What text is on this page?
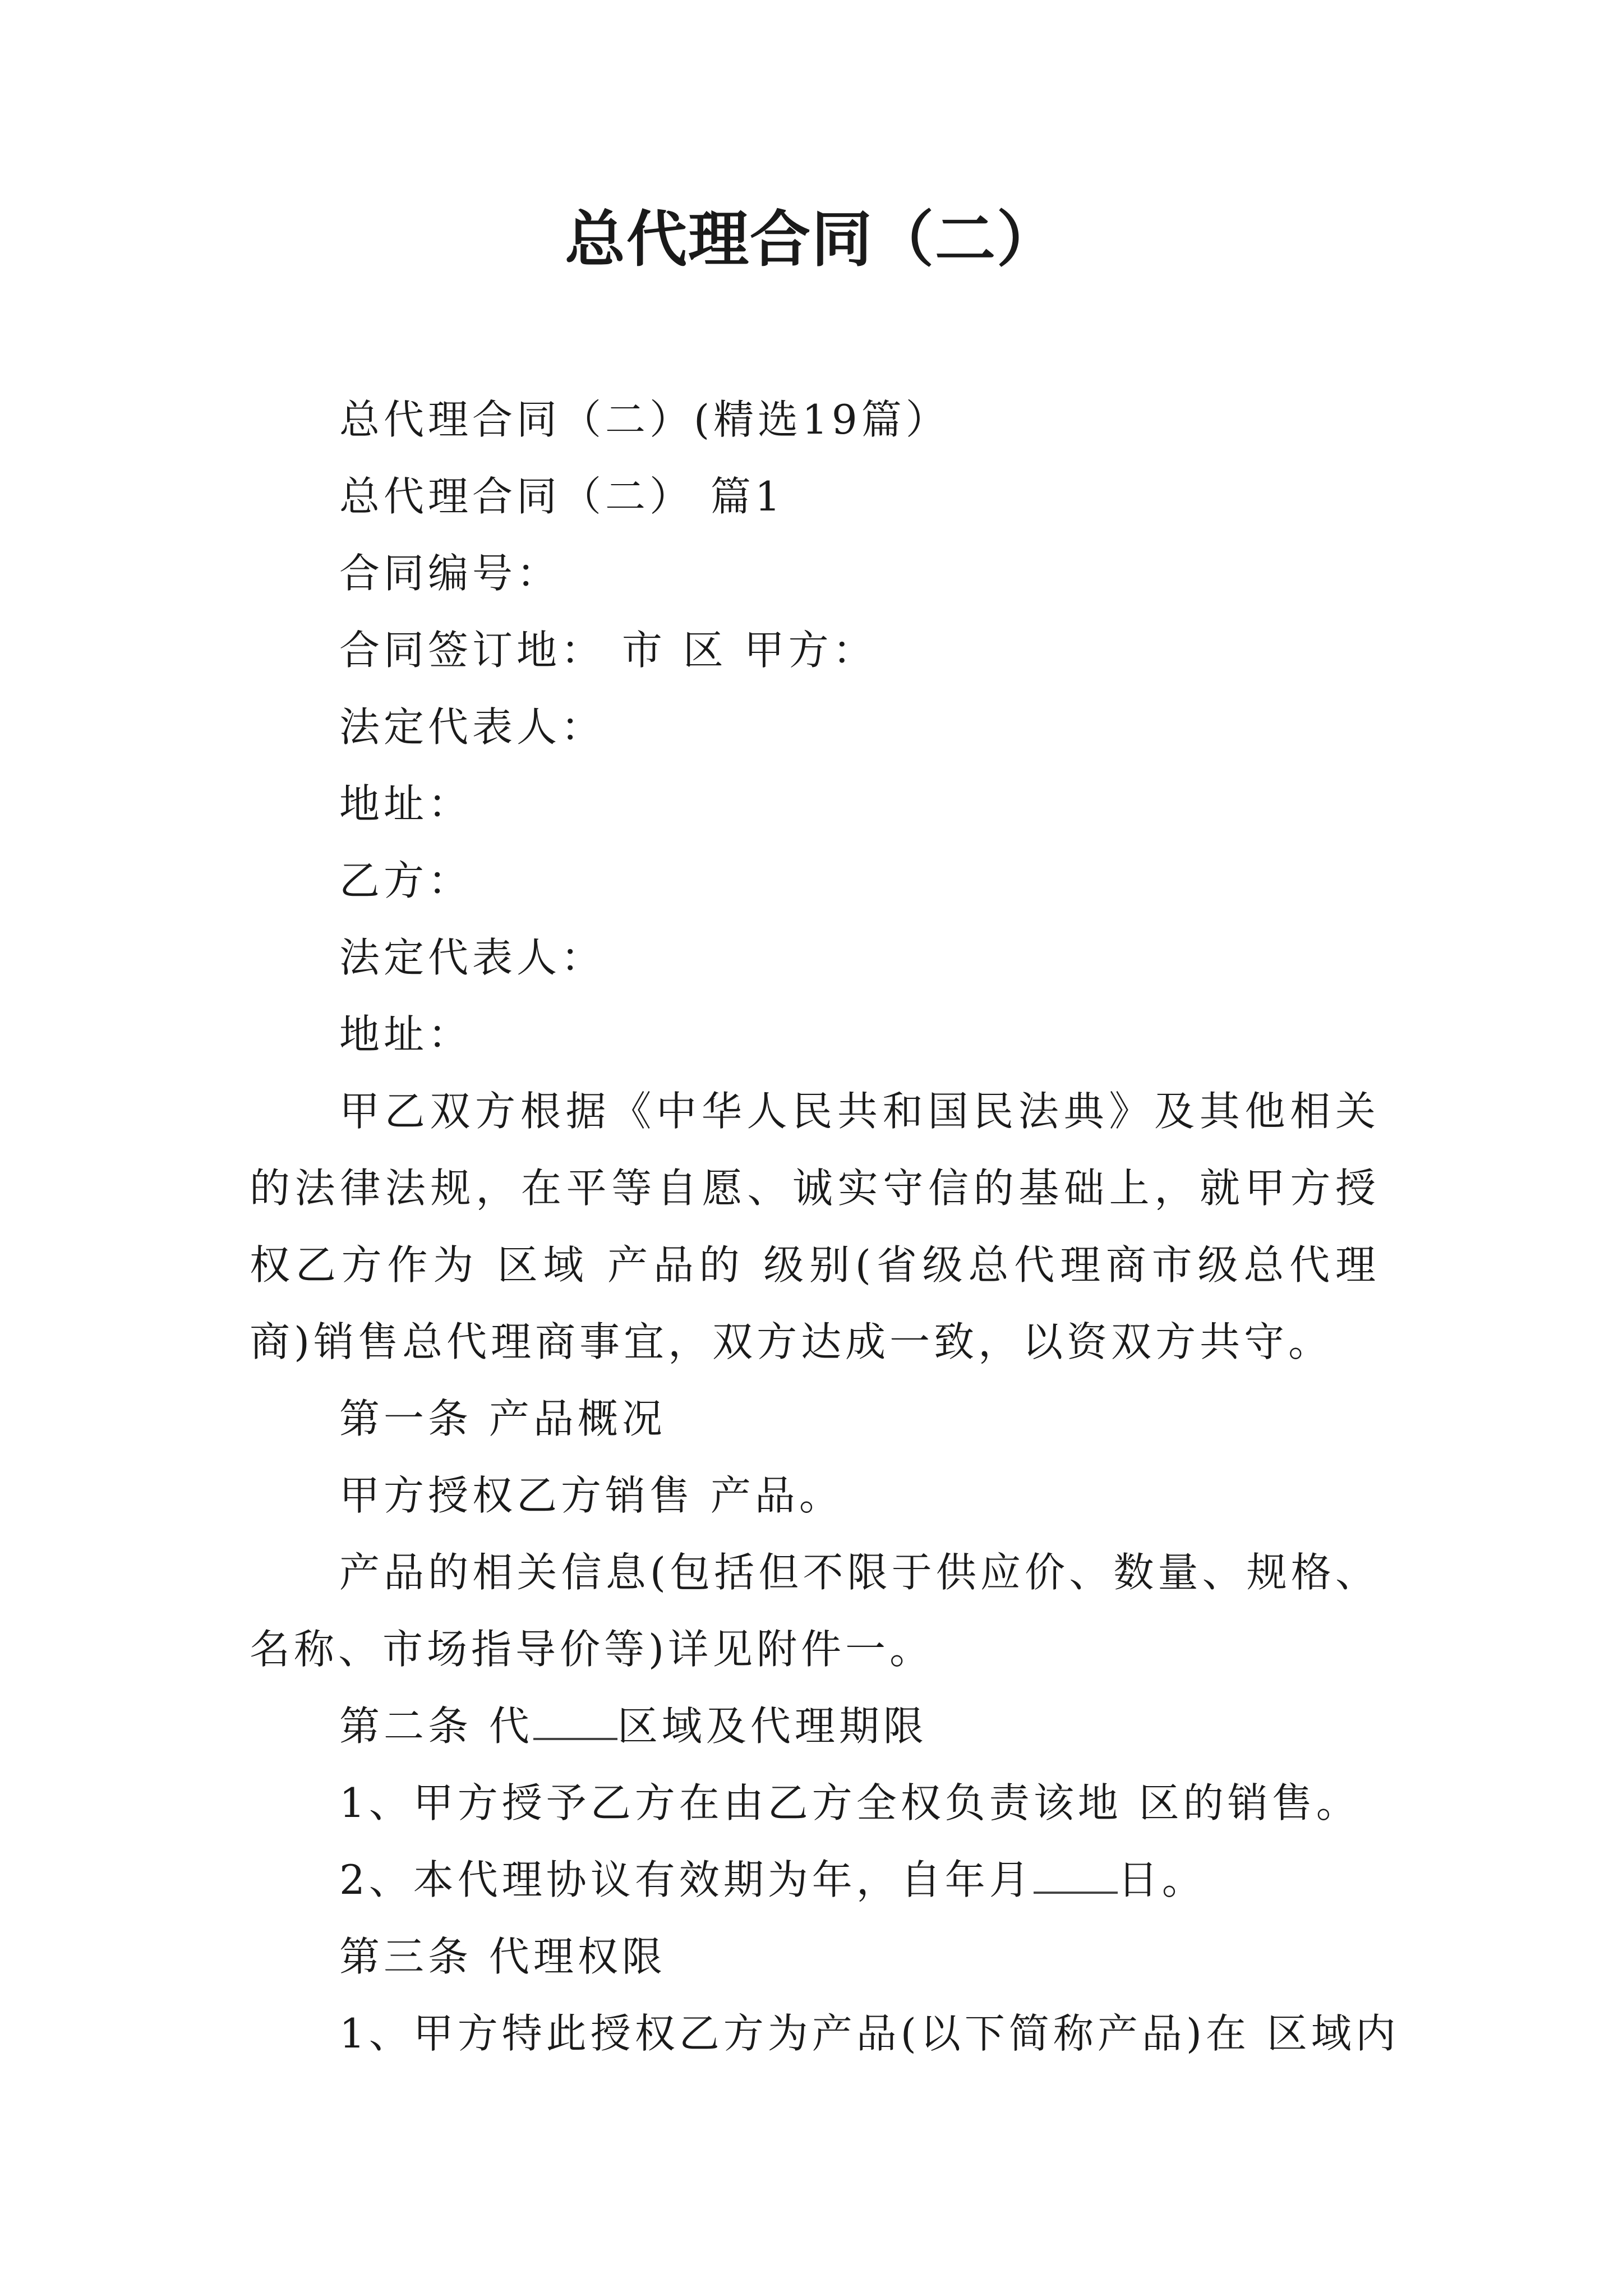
总代理合同（二）

总代理合同（二）(精选19篇）

总代理合同（二） 篇1

合同编号：

合同签订地： 市 区 甲方：

法定代表人：

地址：

乙方：

法定代表人：

地址：

甲乙双方根据《中华人民共和国民法典》及其他相关的法律法规，在平等自愿、诚实守信的基础上，就甲方授权乙方作为 区域 产品的 级别(省级总代理商市级总代理商)销售总代理商事宜，双方达成一致，以资双方共守。

第一条 产品概况

甲方授权乙方销售 产品。

产品的相关信息(包括但不限于供应价、数量、规格、名称、市场指导价等)详见附件一。

第二条 代 区域及代理期限

1、甲方授予乙方在由乙方全权负责该地 区的销售。

2、本代理协议有效期为年，自年月 日。

第三条 代理权限

1、甲方特此授权乙方为产品(以下简称产品)在 区域内
